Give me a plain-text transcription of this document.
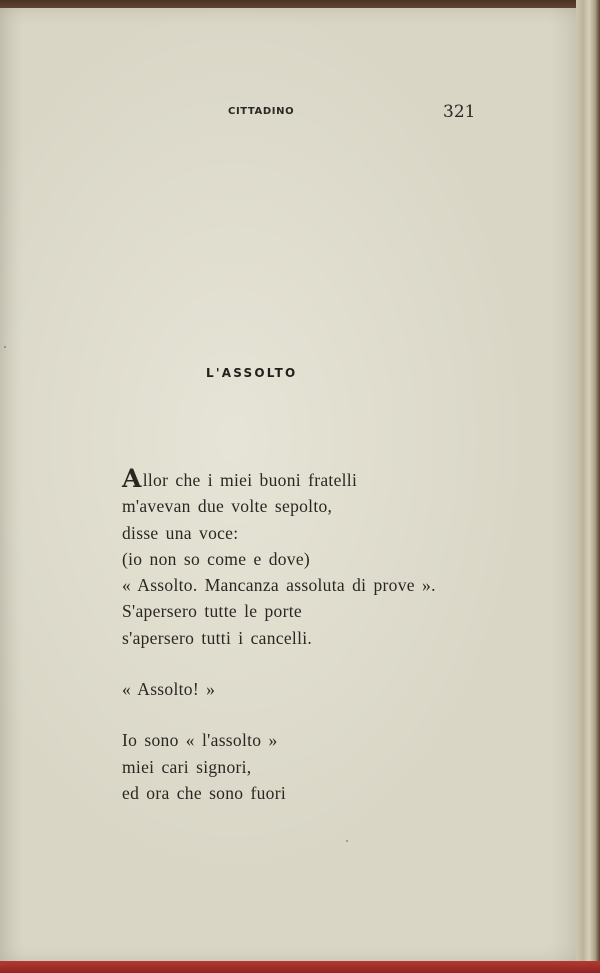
CITTADINO	321
L'ASSOLTO
Allor che i miei buoni fratelli
m'avevan due volte sepolto,
disse una voce:
(io non so come e dove)
« Assolto. Mancanza assoluta di prove ».
S'apersero tutte le porte
s'apersero tutti i cancelli.
« Assolto! »
Io sono « l'assolto »
miei cari signori,
ed ora che sono fuori
